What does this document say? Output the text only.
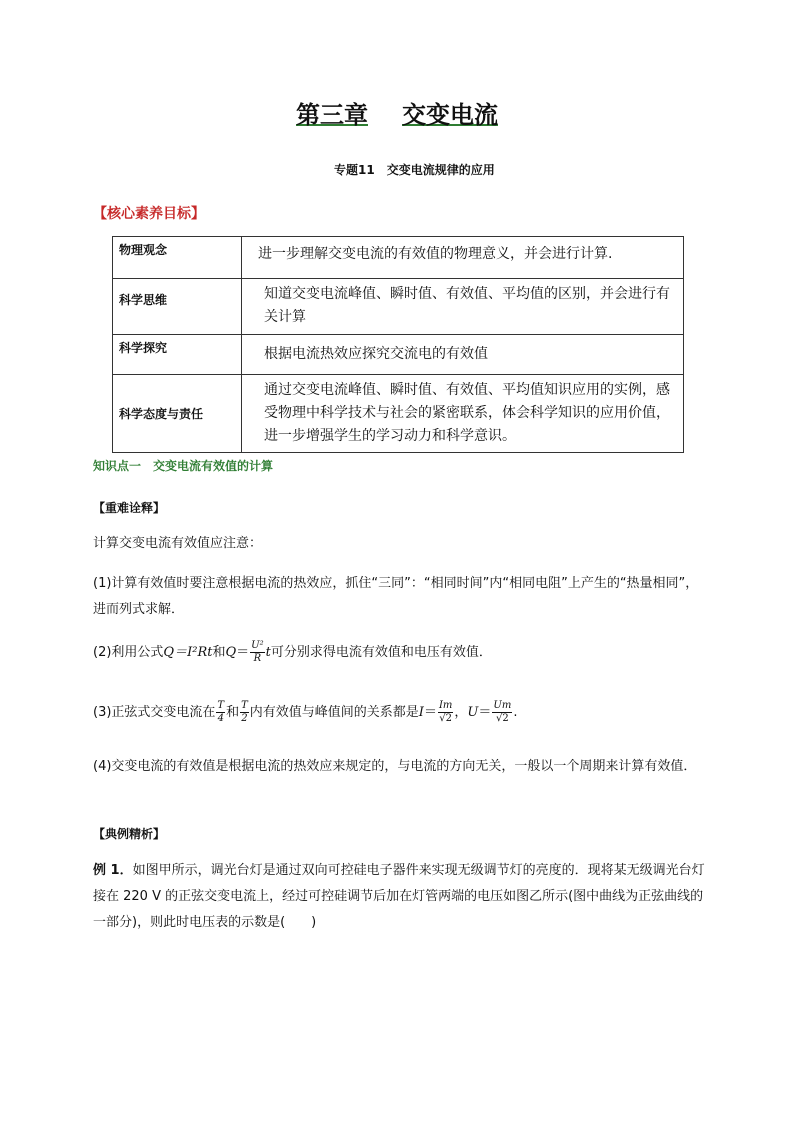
第三章 交变电流
专题11　交变电流规律的应用
【核心素养目标】
物理观念	进一步理解交变电流的有效值的物理意义，并会进行计算.
科学思维	知道交变电流峰值、瞬时值、有效值、平均值的区别，并会进行有关计算
科学探究	根据电流热效应探究交流电的有效值
科学态度与责任	通过交变电流峰值、瞬时值、有效值、平均值知识应用的实例，感受物理中科学技术与社会的紧密联系，体会科学知识的应用价值，进一步增强学生的学习动力和科学意识。
知识点一　交变电流有效值的计算
【重难诠释】
计算交变电流有效值应注意：
(1)计算有效值时要注意根据电流的热效应，抓住“三同”：“相同时间”内“相同电阻”上产生的“热量相同”，进而列式求解．
(2)利用公式Q＝I²Rt和$Q= \frac{\text{U²}}{R}$ t可分别求得电流有效值和电压有效值．
(3)正弦式交变电流在 $\frac{T}{4}$ 和 $\frac{T}{2}$ 内有效值与峰值间的关系都是$I= \frac{Im}{√2}$ ，$U= \frac{Um}{√2}$ .
(4)交变电流的有效值是根据电流的热效应来规定的，与电流的方向无关，一般以一个周期来计算有效值．
【典例精析】
例 1．如图甲所示，调光台灯是通过双向可控硅电子器件来实现无级调节灯的亮度的．现将某无级调光台灯接在 220 V 的正弦交变电流上，经过可控硅调节后加在灯管两端的电压如图乙所示(图中曲线为正弦曲线的一部分)，则此时电压表的示数是(　　)
